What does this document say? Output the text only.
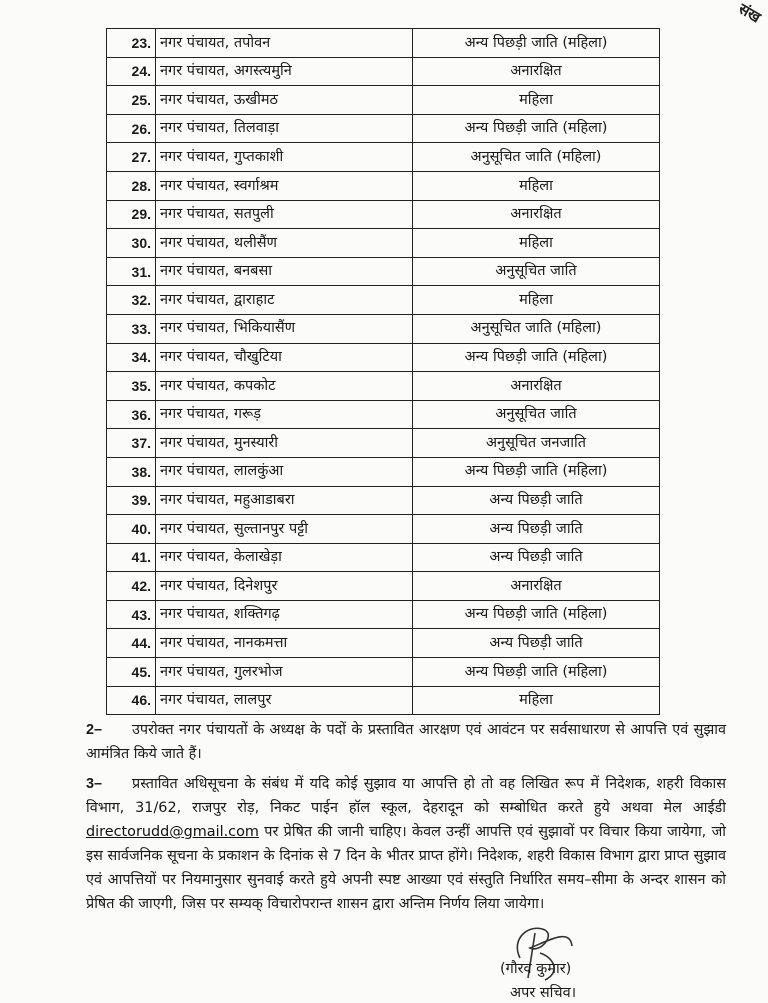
संख
23.	नगर पंचायत, तपोवन	अन्य पिछड़ी जाति (महिला)
24.	नगर पंचायत, अगस्त्यमुनि	अनारक्षित
25.	नगर पंचायत, ऊखीमठ	महिला
26.	नगर पंचायत, तिलवाड़ा	अन्य पिछड़ी जाति (महिला)
27.	नगर पंचायत, गुप्तकाशी	अनुसूचित जाति (महिला)
28.	नगर पंचायत, स्वर्गाश्रम	महिला
29.	नगर पंचायत, सतपुली	अनारक्षित
30.	नगर पंचायत, थलीसैंण	महिला
31.	नगर पंचायत, बनबसा	अनुसूचित जाति
32.	नगर पंचायत, द्वाराहाट	महिला
33.	नगर पंचायत, भिकियासैंण	अनुसूचित जाति (महिला)
34.	नगर पंचायत, चौखुटिया	अन्य पिछड़ी जाति (महिला)
35.	नगर पंचायत, कपकोट	अनारक्षित
36.	नगर पंचायत, गरूड़	अनुसूचित जाति
37.	नगर पंचायत, मुनस्यारी	अनुसूचित जनजाति
38.	नगर पंचायत, लालकुंआ	अन्य पिछड़ी जाति (महिला)
39.	नगर पंचायत, महुआडाबरा	अन्य पिछड़ी जाति
40.	नगर पंचायत, सुल्तानपुर पट्टी	अन्य पिछड़ी जाति
41.	नगर पंचायत, केलाखेड़ा	अन्य पिछड़ी जाति
42.	नगर पंचायत, दिनेशपुर	अनारक्षित
43.	नगर पंचायत, शक्तिगढ़	अन्य पिछड़ी जाति (महिला)
44.	नगर पंचायत, नानकमत्ता	अन्य पिछड़ी जाति
45.	नगर पंचायत, गुलरभोज	अन्य पिछड़ी जाति (महिला)
46.	नगर पंचायत, लालपुर	महिला
2– उपरोक्त नगर पंचायतों के अध्यक्ष के पदों के प्रस्तावित आरक्षण एवं आवंटन पर सर्वसाधारण से आपत्ति एवं सुझाव आमंत्रित किये जाते हैं।
3– प्रस्तावित अधिसूचना के संबंध में यदि कोई सुझाव या आपत्ति हो तो वह लिखित रूप में निदेशक, शहरी विकास विभाग, 31/62, राजपुर रोड़, निकट पाईन हॉल स्कूल, देहरादून को सम्बोधित करते हुये अथवा मेल आईडी directorudd@gmail.com पर प्रेषित की जानी चाहिए। केवल उन्हीं आपत्ति एवं सुझावों पर विचार किया जायेगा, जो इस सार्वजनिक सूचना के प्रकाशन के दिनांक से 7 दिन के भीतर प्राप्त होंगे। निदेशक, शहरी विकास विभाग द्वारा प्राप्त सुझाव एवं आपत्तियों पर नियमानुसार सुनवाई करते हुये अपनी स्पष्ट आख्या एवं संस्तुति निर्धारित समय–सीमा के अन्दर शासन को प्रेषित की जाएगी, जिस पर सम्यक् विचारोपरान्त शासन द्वारा अन्तिम निर्णय लिया जायेगा।
(गौरव कुमार)
अपर सचिव।
